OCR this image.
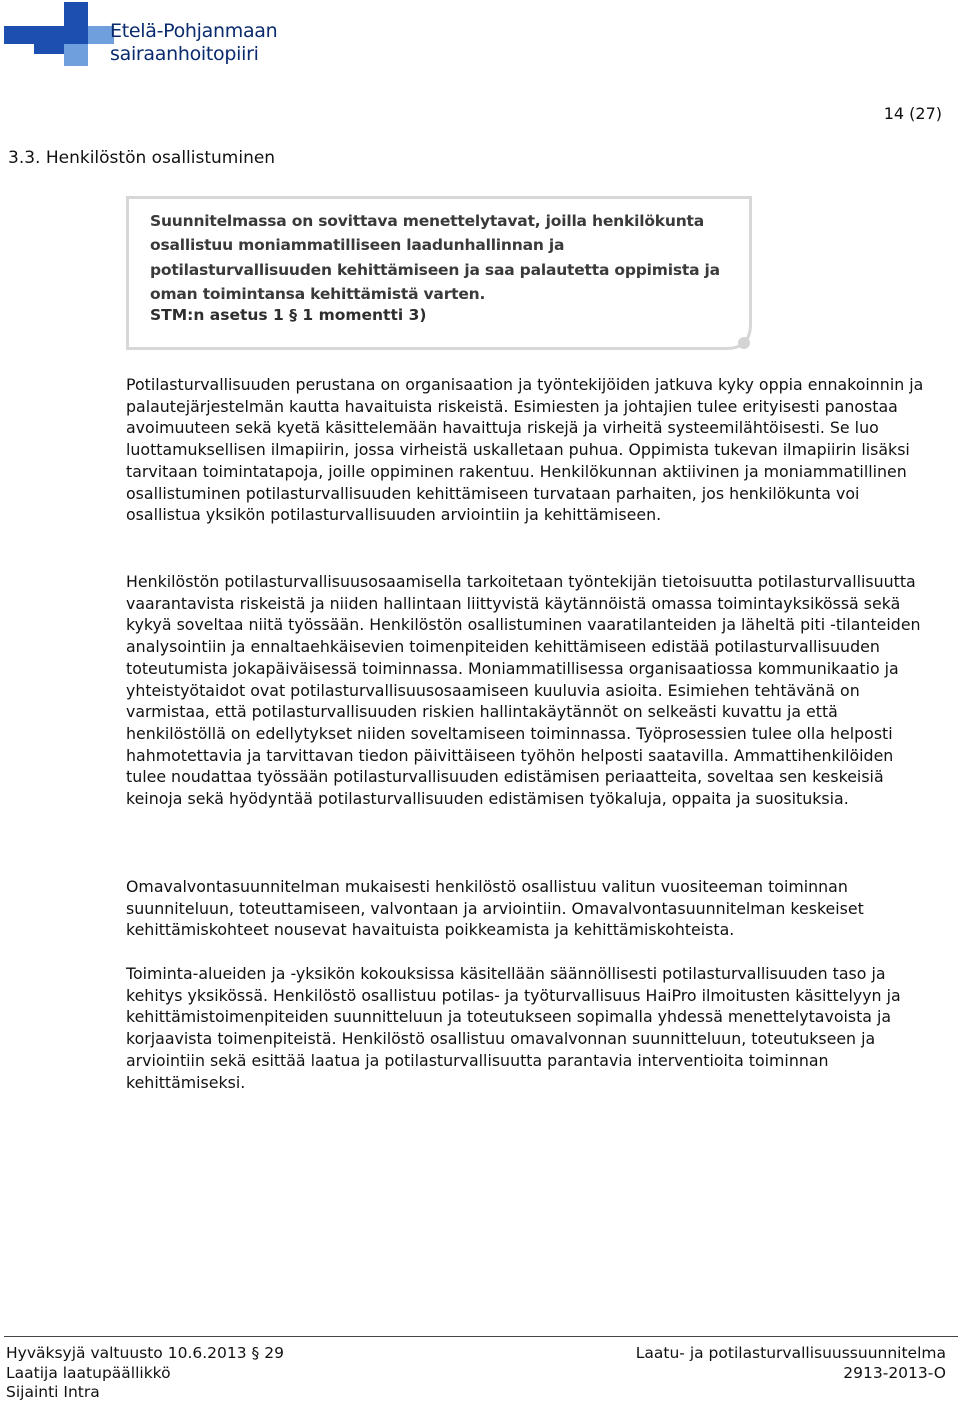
Etelä-Pohjanmaan
sairaanhoitopiiri
14 (27)
3.3. Henkilöstön osallistuminen

Suunnitelmassa on sovittava menettelytavat, joilla henkilökunta osallistuu moniammatilliseen laadunhallinnan ja potilasturvallisuuden kehittämiseen ja saa palautetta oppimista ja oman toimintansa kehittämistä varten.

STM:n asetus 1 § 1 momentti 3)

Potilasturvallisuuden perustana on organisaation ja työntekijöiden jatkuva kyky oppia ennakoinnin ja palautejärjestelmän kautta havaituista riskeistä. Esimiesten ja johtajien tulee erityisesti panostaa avoimuuteen sekä kyetä käsittelemään havaittuja riskejä ja virheitä systeemilähtöisesti. Se luo luottamuksellisen ilmapiirin, jossa virheistä uskalletaan puhua. Oppimista tukevan ilmapiirin lisäksi tarvitaan toimintatapoja, joille oppiminen rakentuu. Henkilökunnan aktiivinen ja moniammatillinen osallistuminen potilasturvallisuuden kehittämiseen turvataan parhaiten, jos henkilökunta voi osallistua yksikön potilasturvallisuuden arviointiin ja kehittämiseen.

Henkilöstön potilasturvallisuusosaamisella tarkoitetaan työntekijän tietoisuutta potilasturvallisuutta vaarantavista riskeistä ja niiden hallintaan liittyvistä käytännöistä omassa toimintayksikössä sekä kykyä soveltaa niitä työssään. Henkilöstön osallistuminen vaaratilanteiden ja läheltä piti -tilanteiden analysointiin ja ennaltaehkäisevien toimenpiteiden kehittämiseen edistää potilasturvallisuuden toteutumista jokapäiväisessä toiminnassa. Moniammatillisessa organisaatiossa kommunikaatio ja yhteistyötaidot ovat potilasturvallisuusosaamiseen kuuluvia asioita. Esimiehen tehtävänä on varmistaa, että potilasturvallisuuden riskien hallintakäytännöt on selkeästi kuvattu ja että henkilöstöllä on edellytykset niiden soveltamiseen toiminnassa. Työprosessien tulee olla helposti hahmotettavia ja tarvittavan tiedon päivittäiseen työhön helposti saatavilla. Ammattihenkilöiden tulee noudattaa työssään potilasturvallisuuden edistämisen periaatteita, soveltaa sen keskeisiä keinoja sekä hyödyntää potilasturvallisuuden edistämisen työkaluja, oppaita ja suosituksia.

Omavalvontasuunnitelman mukaisesti henkilöstö osallistuu valitun vuositeeman toiminnan suunniteluun, toteuttamiseen, valvontaan ja arviointiin. Omavalvontasuunnitelman keskeiset kehittämiskohteet nousevat havaituista poikkeamista ja kehittämiskohteista.

Toiminta-alueiden ja -yksikön kokouksissa käsitellään säännöllisesti potilasturvallisuuden taso ja kehitys yksikössä. Henkilöstö osallistuu potilas- ja työturvallisuus HaiPro ilmoitusten käsittelyyn ja kehittämistoimenpiteiden suunnitteluun ja toteutukseen sopimalla yhdessä menettelytavoista ja korjaavista toimenpiteistä. Henkilöstö osallistuu omavalvonnan suunnitteluun, toteutukseen ja arviointiin sekä esittää laatua ja potilasturvallisuutta parantavia interventioita toiminnan kehittämiseksi.

Hyväksyjä valtuusto 10.6.2013 § 29
Laatija laatupäällikkö
Sijainti Intra
Laatu- ja potilasturvallisuussuunnitelma
2913-2013-O
